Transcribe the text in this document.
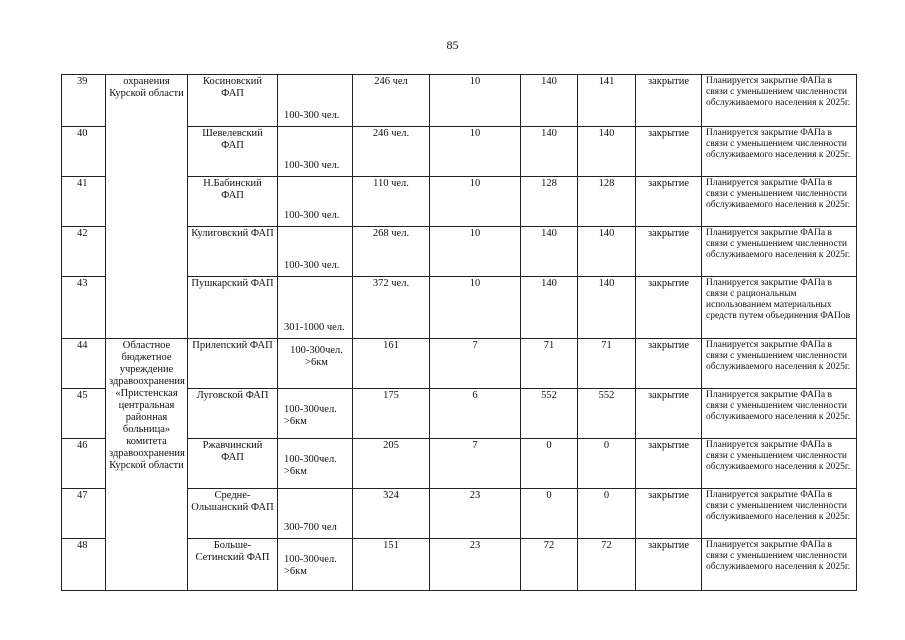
85
39	охранения Курской области	Косиновский ФАП	100-300 чел.	246 чел	10	140	141	закрытие	Планируется закрытие ФАПа в связи с уменьшением численности обслуживаемого населения к 2025г.
40		Шевелевский ФАП	100-300 чел.	246 чел.	10	140	140	закрытие	Планируется закрытие ФАПа в связи с уменьшением численности обслуживаемого населения к 2025г.
41		Н.Бабинский ФАП	100-300 чел.	110 чел.	10	128	128	закрытие	Планируется закрытие ФАПа в связи с уменьшением численности обслуживаемого населения к 2025г.
42		Кулиговский ФАП	100-300 чел.	268 чел.	10	140	140	закрытие	Планируется закрытие ФАПа в связи с уменьшением численности обслуживаемого населения к 2025г.
43		Пушкарский ФАП	301-1000 чел.	372 чел.	10	140	140	закрытие	Планируется закрытие ФАПа в связи с рациональным использованием материальных средств путем объединения ФАПов
44	Областное бюджетное учреждение здравоохранения «Пристенская центральная районная больница» комитета здравоохранения Курской области	Прилепский ФАП	100-300чел. >6км	161	7	71	71	закрытие	Планируется закрытие ФАПа в связи с уменьшением численности обслуживаемого населения к 2025г.
45		Луговской ФАП	100-300чел. >6км	175	6	552	552	закрытие	Планируется закрытие ФАПа в связи с уменьшением численности обслуживаемого населения к 2025г.
46		Ржавчинский ФАП	100-300чел. >6км	205	7	0	0	закрытие	Планируется закрытие ФАПа в связи с уменьшением численности обслуживаемого населения к 2025г.
47		Средне-Ольшанский ФАП	300-700 чел	324	23	0	0	закрытие	Планируется закрытие ФАПа в связи с уменьшением численности обслуживаемого населения к 2025г.
48		Больше-Сетинский ФАП	100-300чел. >6км	151	23	72	72	закрытие	Планируется закрытие ФАПа в связи с уменьшением численности обслуживаемого населения к 2025г.
